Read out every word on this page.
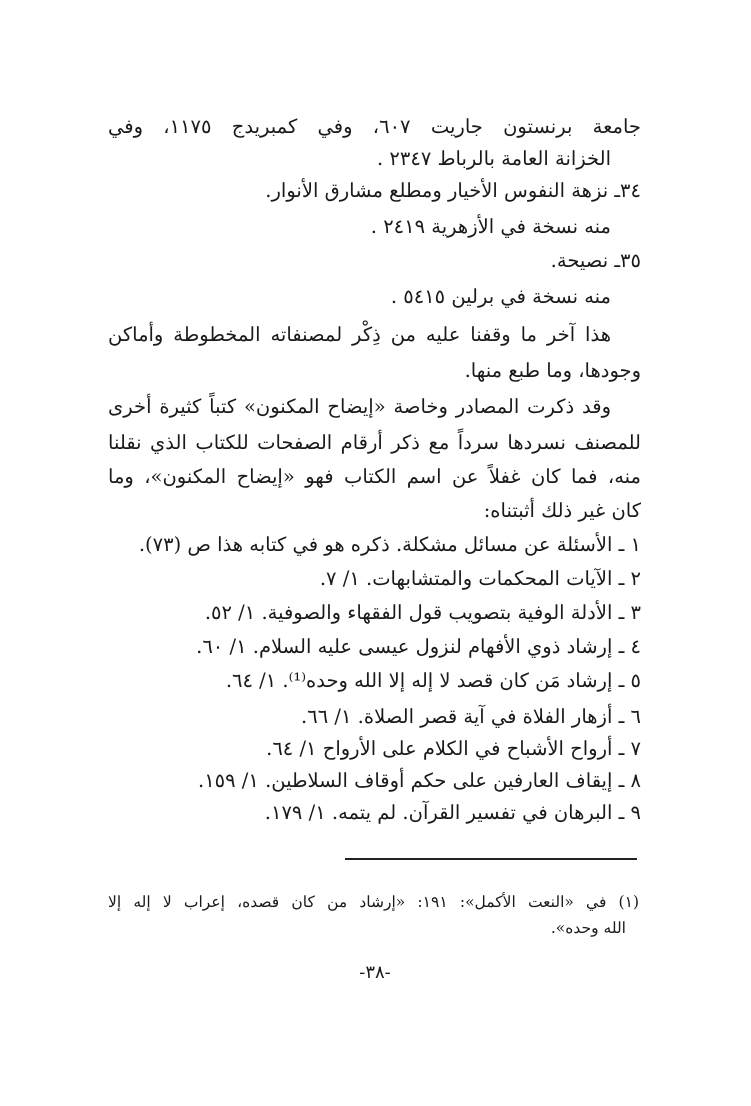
جامعة برنستون جاريت ٦٠٧، وفي كمبريدج ١١٧٥، وفي
الخزانة العامة بالرباط ٢٣٤٧ .
٣٤ـ نزهة النفوس الأخيار ومطلع مشارق الأنوار.
منه نسخة في الأزهرية ٢٤١٩ .
٣٥ـ نصيحة.
منه نسخة في برلين ٥٤١٥ .
هذا آخر ما وقفنا عليه من ذِكْر لمصنفاته المخطوطة وأماكن
وجودها، وما طبع منها.
وقد ذكرت المصادر وخاصة «إيضاح المكنون» كتباً كثيرة أخرى
للمصنف نسردها سرداً مع ذكر أرقام الصفحات للكتاب الذي نقلنا
منه، فما كان غفلاً عن اسم الكتاب فهو «إيضاح المكنون»، وما
كان غير ذلك أثبتناه:
١ ـ الأسئلة عن مسائل مشكلة. ذكره هو في كتابه هذا ص (٧٣).
٢ ـ الآيات المحكمات والمتشابهات. ١/ ٧.
٣ ـ الأدلة الوفية بتصويب قول الفقهاء والصوفية. ١/ ٥٢.
٤ ـ إرشاد ذوي الأفهام لنزول عيسى عليه السلام. ١/ ٦٠.
٥ ـ إرشاد مَن كان قصد لا إله إلا الله وحده⁽¹⁾. ١/ ٦٤.
٦ ـ أزهار الفلاة في آية قصر الصلاة. ١/ ٦٦.
٧ ـ أرواح الأشباح في الكلام على الأرواح ١/ ٦٤.
٨ ـ إيقاف العارفين على حكم أوقاف السلاطين. ١/ ١٥٩.
٩ ـ البرهان في تفسير القرآن. لم يتمه. ١/ ١٧٩.
(١) في «النعت الأكمل»: ١٩١: «إرشاد من كان قصده، إعراب لا إله إلا
الله وحده».
-٣٨-
